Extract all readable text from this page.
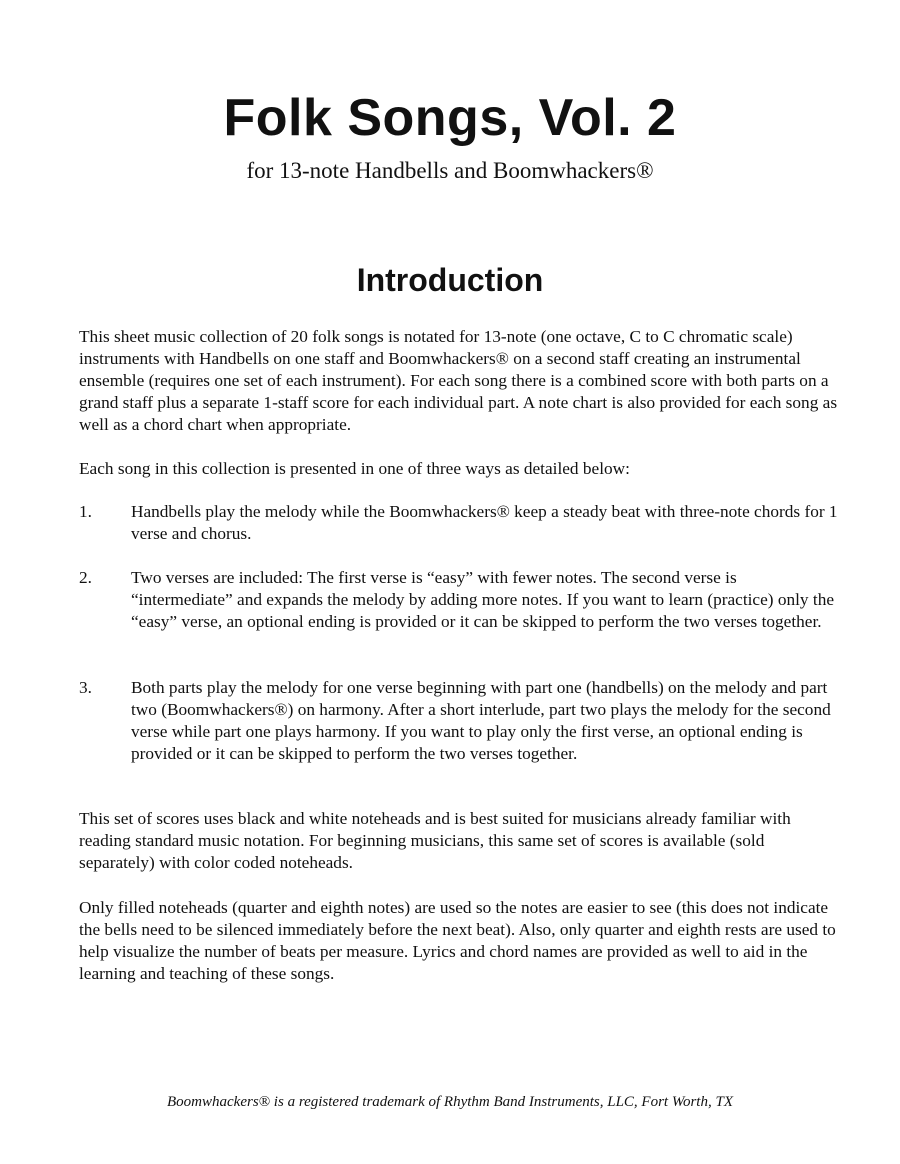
Folk Songs, Vol. 2

for 13-note Handbells and Boomwhackers®

Introduction

This sheet music collection of 20 folk songs is notated for 13-note (one octave, C to C chromatic scale) instruments with Handbells on one staff and Boomwhackers® on a second staff creating an instrumental ensemble (requires one set of each instrument). For each song there is a combined score with both parts on a grand staff plus a separate 1-staff score for each individual part. A note chart is also provided for each song as well as a chord chart when appropriate.

Each song in this collection is presented in one of three ways as detailed below:

1. Handbells play the melody while the Boomwhackers® keep a steady beat with three-note chords for 1 verse and chorus.
2. Two verses are included: The first verse is “easy” with fewer notes. The second verse is “intermediate” and expands the melody by adding more notes. If you want to learn (practice) only the “easy” verse, an optional ending is provided or it can be skipped to perform the two verses together.
3. Both parts play the melody for one verse beginning with part one (handbells) on the melody and part two (Boomwhackers®) on harmony. After a short interlude, part two plays the melody for the second verse while part one plays harmony. If you want to play only the first verse, an optional ending is provided or it can be skipped to perform the two verses together.

This set of scores uses black and white noteheads and is best suited for musicians already familiar with reading standard music notation. For beginning musicians, this same set of scores is available (sold separately) with color coded noteheads.

Only filled noteheads (quarter and eighth notes) are used so the notes are easier to see (this does not indicate the bells need to be silenced immediately before the next beat). Also, only quarter and eighth rests are used to help visualize the number of beats per measure. Lyrics and chord names are provided as well to aid in the learning and teaching of these songs.

Boomwhackers® is a registered trademark of Rhythm Band Instruments, LLC, Fort Worth, TX
